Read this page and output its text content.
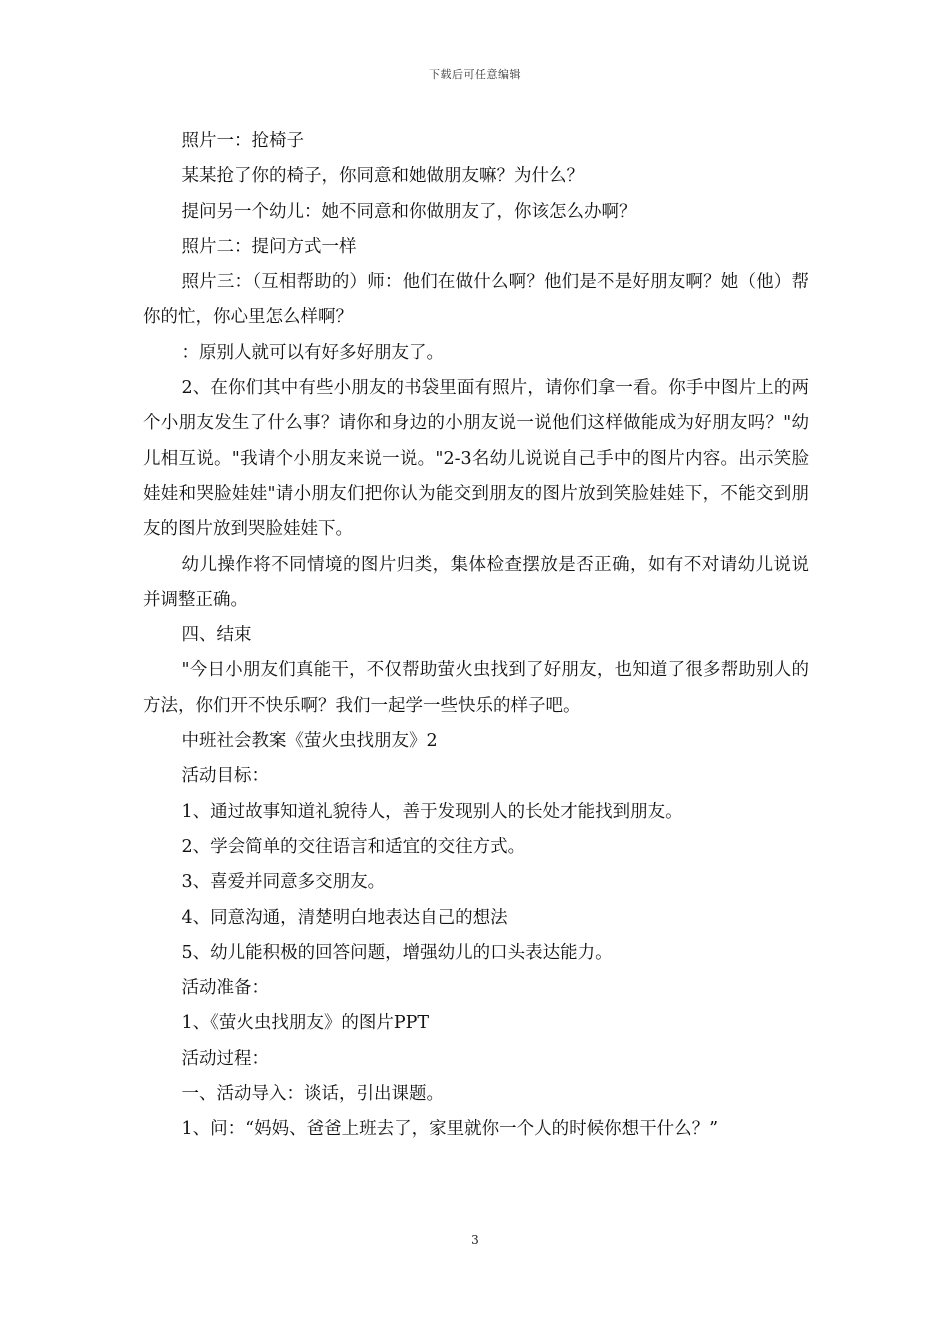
下载后可任意编辑

照片一：抢椅子

某某抢了你的椅子，你同意和她做朋友嘛？为什么？

提问另一个幼儿：她不同意和你做朋友了，你该怎么办啊？

照片二：提问方式一样

照片三：（互相帮助的）师：他们在做什么啊？他们是不是好朋友啊？她（他）帮你的忙，你心里怎么样啊？

：原别人就可以有好多好朋友了。

2、在你们其中有些小朋友的书袋里面有照片，请你们拿一看。你手中图片上的两个小朋友发生了什么事？请你和身边的小朋友说一说他们这样做能成为好朋友吗？"幼儿相互说。"我请个小朋友来说一说。"2-3名幼儿说说自己手中的图片内容。出示笑脸娃娃和哭脸娃娃"请小朋友们把你认为能交到朋友的图片放到笑脸娃娃下，不能交到朋友的图片放到哭脸娃娃下。

幼儿操作将不同情境的图片归类，集体检查摆放是否正确，如有不对请幼儿说说并调整正确。

四、结束

"今日小朋友们真能干，不仅帮助萤火虫找到了好朋友，也知道了很多帮助别人的方法，你们开不快乐啊？我们一起学一些快乐的样子吧。

中班社会教案《萤火虫找朋友》2

活动目标：

1、通过故事知道礼貌待人，善于发现别人的长处才能找到朋友。

2、学会简单的交往语言和适宜的交往方式。

3、喜爱并同意多交朋友。

4、同意沟通，清楚明白地表达自己的想法

5、幼儿能积极的回答问题，增强幼儿的口头表达能力。

活动准备：

1、《萤火虫找朋友》的图片PPT

活动过程：

一、活动导入：谈话，引出课题。

1、问：“妈妈、爸爸上班去了，家里就你一个人的时候你想干什么？”

3
